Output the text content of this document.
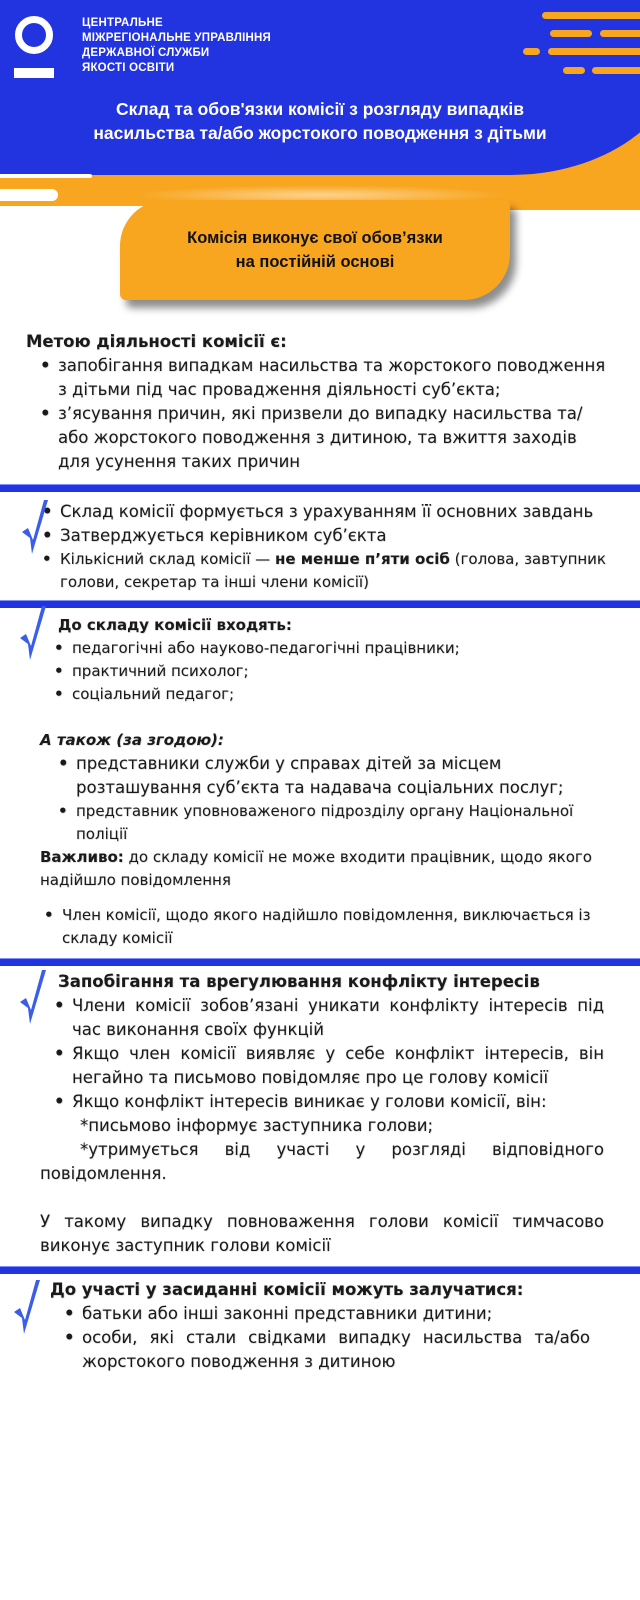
ЦЕНТРАЛЬНЕ
МІЖРЕГІОНАЛЬНЕ УПРАВЛІННЯ
ДЕРЖАВНОЇ СЛУЖБИ
ЯКОСТІ ОСВІТИ
Склад та обов'язки комісії з розгляду випадків
насильства та/або жорстокого поводження з дітьми
Комісія виконує свої обов’язки
на постійній основі
Метою діяльності комісії є:
• запобігання випадкам насильства та жорстокого поводження з дітьми під час провадження діяльності суб’єкта;
• з’ясування причин, які призвели до випадку насильства та/або жорстокого поводження з дитиною, та вжиття заходів для усунення таких причин
• Склад комісії формується з урахуванням її основних завдань
• Затверджується керівником суб’єкта
• Кількісний склад комісії — не менше п’яти осіб (голова, завтупник голови, секретар та інші члени комісії)
До складу комісії входять:
• педагогічні або науково-педагогічні працівники;
• практичний психолог;
• соціальний педагог;
А також (за згодою):
• представники служби у справах дітей за місцем розташування суб’єкта та надавача соціальних послуг;
• представник уповноваженого підрозділу органу Національної поліції
Важливо: до складу комісії не може входити працівник, щодо якого надійшло повідомлення
• Член комісії, щодо якого надійшло повідомлення, виключається із складу комісії
Запобігання та врегулювання конфлікту інтересів
• Члени комісії зобов’язані уникати конфлікту інтересів під час виконання своїх функцій
• Якщо член комісії виявляє у себе конфлікт інтересів, він негайно та письмово повідомляє про це голову комісії
• Якщо конфлікт інтересів виникає у голови комісії, він:
*письмово інформує заступника голови;
*утримується від участі у розгляді відповідного повідомлення.
У такому випадку повноваження голови комісії тимчасово виконує заступник голови комісії
До участі у засиданні комісії можуть залучатися:
• батьки або інші законні представники дитини;
• особи, які стали свідками випадку насильства та/або жорстокого поводження з дитиною
